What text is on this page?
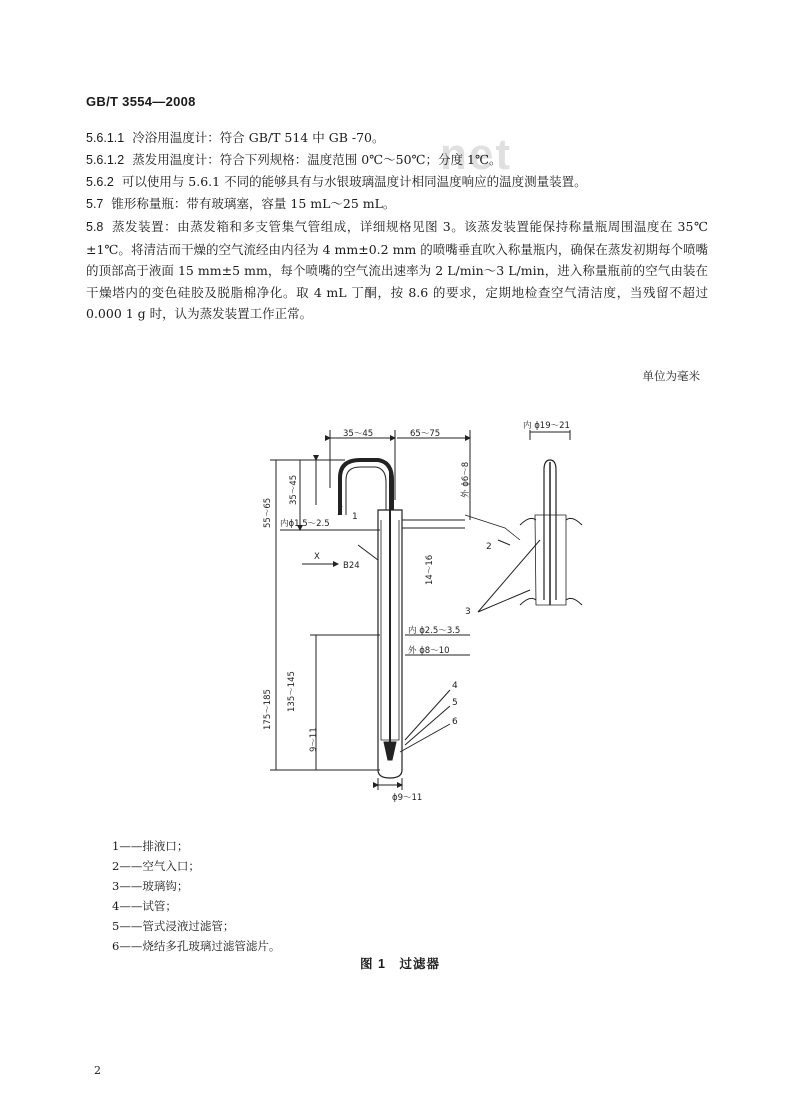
GB/T 3554—2008
net
5.6.1.1 冷浴用温度计：符合 GB/T 514 中 GB -70。
5.6.1.2 蒸发用温度计：符合下列规格：温度范围 0℃～50℃；分度 1℃。
5.6.2 可以使用与 5.6.1 不同的能够具有与水银玻璃温度计相同温度响应的温度测量装置。
5.7 锥形称量瓶：带有玻璃塞，容量 15 mL～25 mL。
5.8 蒸发装置：由蒸发箱和多支管集气管组成，详细规格见图 3。该蒸发装置能保持称量瓶周围温度在 35℃±1℃。将清洁而干燥的空气流经由内径为 4 mm±0.2 mm 的喷嘴垂直吹入称量瓶内，确保在蒸发初期每个喷嘴的顶部高于液面 15 mm±5 mm，每个喷嘴的空气流出速率为 2 L/min～3 L/min，进入称量瓶前的空气由装在干燥塔内的变色硅胶及脱脂棉净化。取 4 mL 丁酮，按 8.6 的要求，定期地检查空气清洁度，当残留不超过 0.000 1 g 时，认为蒸发装置工作正常。
单位为毫米
35～45	65～75
内 ϕ19～21
55～65
35～45
内ϕ1.5～2.5
外 ϕ6～8
14～16
内 ϕ2.5～3.5
外 ϕ8～10
175～185 135～145
9～11
ϕ9～11
X
B24
1
2
3
4
5
6
1——排液口；
2——空气入口；
3——玻璃钩；
4——试管；
5——管式浸液过滤管；
6——烧结多孔玻璃过滤管滤片。
图 1　过滤器
2
